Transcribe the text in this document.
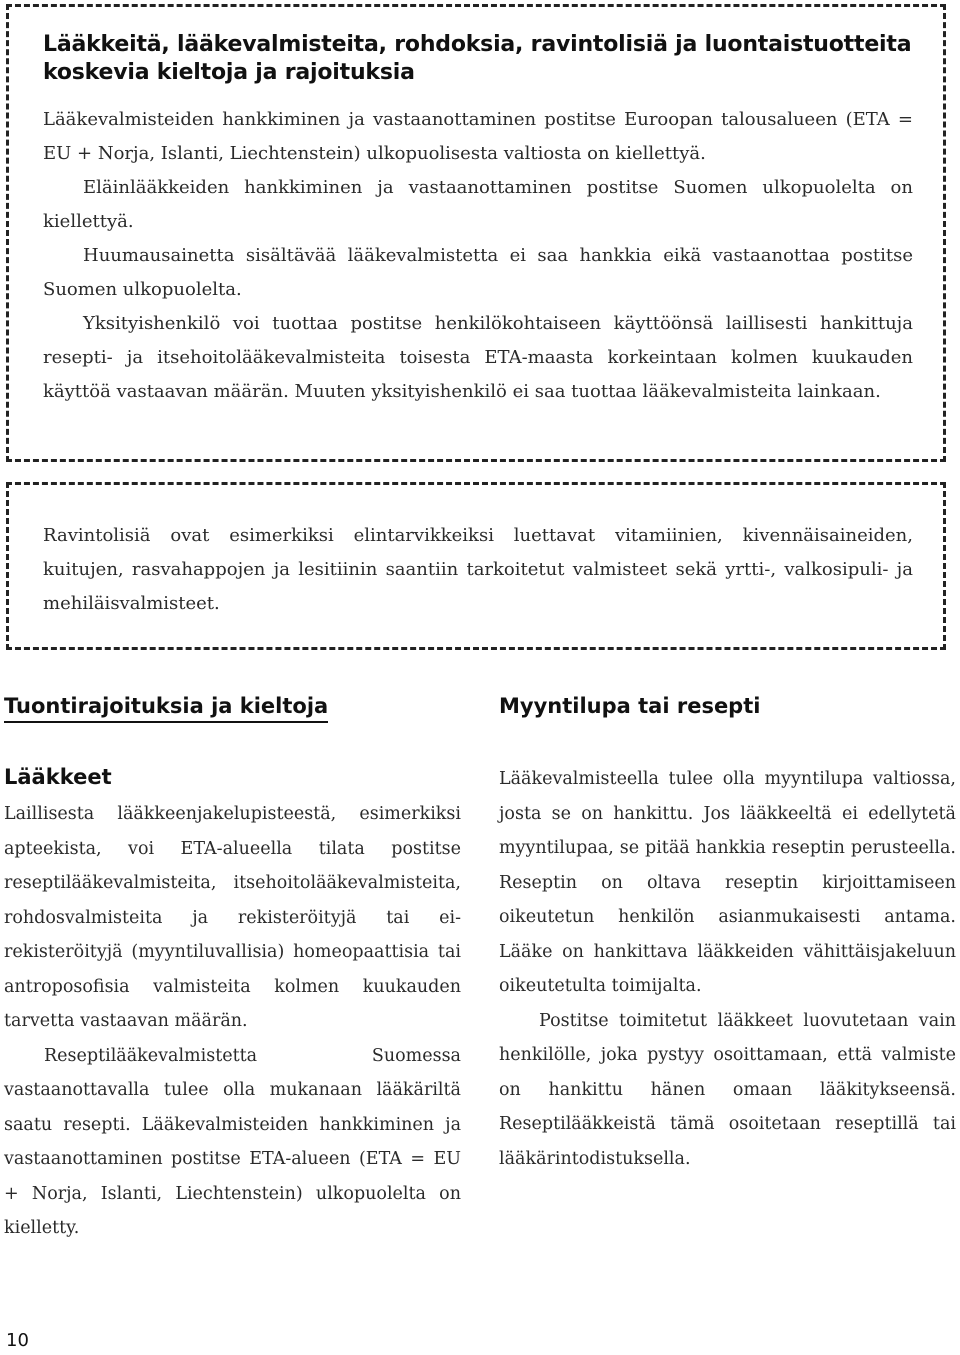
Lääkkeitä, lääkevalmisteita, rohdoksia, ravintolisiä ja luontaistuotteita koskevia kieltoja ja rajoituksia

Lääkevalmisteiden hankkiminen ja vastaanottaminen postitse Euroopan talousalueen (ETA = EU + Norja, Islanti, Liechtenstein) ulkopuolisesta valtiosta on kiellettyä.

Eläinlääkkeiden hankkiminen ja vastaanottaminen postitse Suomen ulkopuolelta on kiellettyä.

Huumausainetta sisältävää lääkevalmistetta ei saa hankkia eikä vastaanottaa postitse Suomen ulkopuolelta.

Yksityishenkilö voi tuottaa postitse henkilökohtaiseen käyttöönsä laillisesti hankittuja resepti- ja itsehoitolääkevalmisteita toisesta ETA-maasta korkeintaan kolmen kuukauden käyttöä vastaavan määrän. Muuten yksityishenkilö ei saa tuottaa lääkevalmisteita lainkaan.

Ravintolisiä ovat esimerkiksi elintarvikkeiksi luettavat vitamiinien, kivennäisaineiden, kuitujen, rasvahappojen ja lesitiinin saantiin tarkoitetut valmisteet sekä yrtti-, valkosipuli- ja mehiläisvalmisteet.

Tuontirajoituksia ja kieltoja
Lääkkeet

Laillisesta lääkkeenjakelupisteestä, esimerkiksi apteekista, voi ETA-alueella tilata postitse reseptilääkevalmisteita, itsehoitolääkevalmisteita, rohdosvalmisteita ja rekisteröityjä tai ei-rekisteröityjä (myyntiluvallisia) homeopaattisia tai antroposofisia valmisteita kolmen kuukauden tarvetta vastaavan määrän.

Reseptilääkevalmistetta Suomessa vastaanottavalla tulee olla mukanaan lääkäriltä saatu resepti. Lääkevalmisteiden hankkiminen ja vastaanottaminen postitse ETA-alueen (ETA = EU + Norja, Islanti, Liechtenstein) ulkopuolelta on kielletty.

Myyntilupa tai resepti

Lääkevalmisteella tulee olla myyntilupa valtiossa, josta se on hankittu. Jos lääkkeeltä ei edellytetä myyntilupaa, se pitää hankkia reseptin perusteella. Reseptin on oltava reseptin kirjoittamiseen oikeutetun henkilön asianmukaisesti antama. Lääke on hankittava lääkkeiden vähittäisjakeluun oikeutetulta toimijalta.

Postitse toimitetut lääkkeet luovutetaan vain henkilölle, joka pystyy osoittamaan, että valmiste on hankittu hänen omaan lääkitykseensä. Reseptilääkkeistä tämä osoitetaan reseptillä tai lääkärintodistuksella.

10
